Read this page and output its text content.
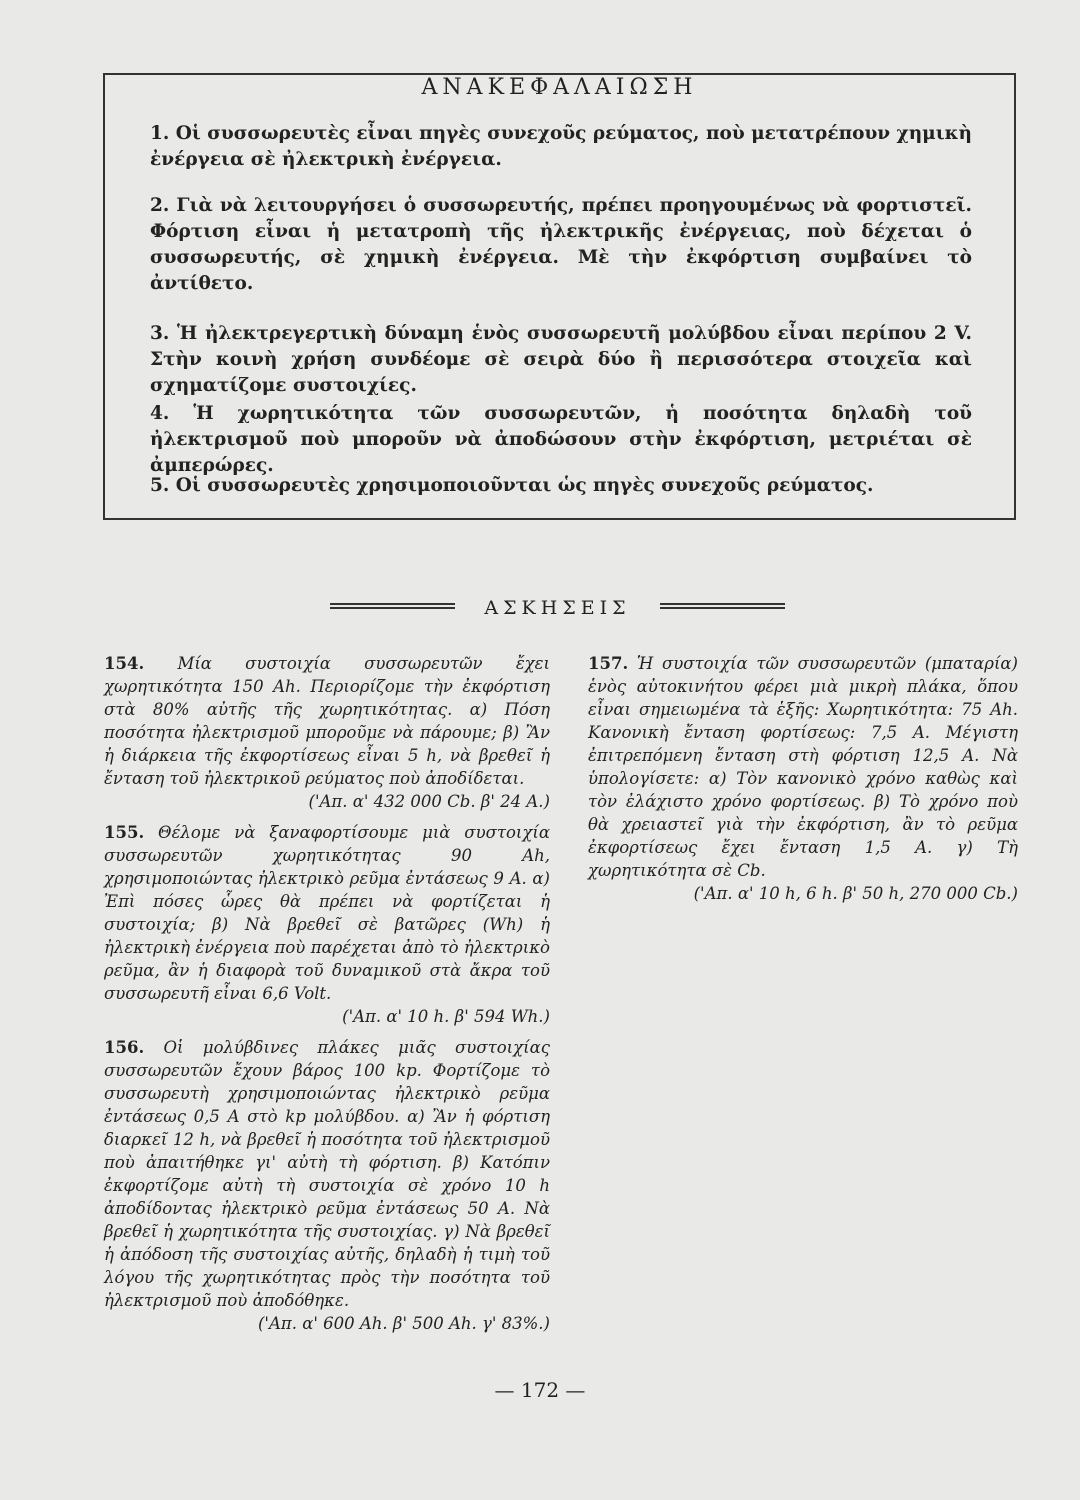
ΑΝΑΚΕΦΑΛΑΙΩΣΗ
1. Οἱ συσσωρευτὲς εἶναι πηγὲς συνεχοῦς ρεύματος, ποὺ μετατρέπουν χημικὴ ἐνέργεια σὲ ἠλεκτρικὴ ἐνέργεια.
2. Γιὰ νὰ λειτουργήσει ὁ συσσωρευτής, πρέπει προηγουμένως νὰ φορτιστεῖ. Φόρτιση εἶναι ἡ μετατροπὴ τῆς ἠλεκτρικῆς ἐνέργειας, ποὺ δέχεται ὁ συσσωρευτής, σὲ χημικὴ ἐνέργεια. Μὲ τὴν ἐκφόρτιση συμβαίνει τὸ ἀντίθετο.
3. Ἡ ἠλεκτρεγερτικὴ δύναμη ἑνὸς συσσωρευτῆ μολύβδου εἶναι περίπου 2 V. Στὴν κοινὴ χρήση συνδέομε σὲ σειρὰ δύο ἢ περισσότερα στοιχεῖα καὶ σχηματίζομε συστοιχίες.
4. Ἡ χωρητικότητα τῶν συσσωρευτῶν, ἡ ποσότητα δηλαδὴ τοῦ ἠλεκτρισμοῦ ποὺ μποροῦν νὰ ἀποδώσουν στὴν ἐκφόρτιση, μετριέται σὲ ἀμπερώρες.
5. Οἱ συσσωρευτὲς χρησιμοποιοῦνται ὡς πηγὲς συνεχοῦς ρεύματος.
ΑΣΚΗΣΕΙΣ

154. Μία συστοιχία συσσωρευτῶν ἔχει χωρητικότητα 150 Ah. Περιορίζομε τὴν ἐκφόρτιση στὰ 80% αὐτῆς τῆς χωρητικότητας. α) Πόση ποσότητα ἠλεκτρισμοῦ μποροῦμε νὰ πάρουμε; β) Ἂν ἡ διάρκεια τῆς ἐκφορτίσεως εἶναι 5 h, νὰ βρεθεῖ ἡ ἔνταση τοῦ ἠλεκτρικοῦ ρεύματος ποὺ ἀποδίδεται.
('Απ. α' 432 000 Cb. β' 24 A.)

155. Θέλομε νὰ ξαναφορτίσουμε μιὰ συστοιχία συσσωρευτῶν χωρητικότητας 90 Ah, χρησιμοποιώντας ἠλεκτρικὸ ρεῦμα ἐντάσεως 9 A. α) Ἐπὶ πόσες ὧρες θὰ πρέπει νὰ φορτίζεται ἡ συστοιχία; β) Νὰ βρεθεῖ σὲ βατῶρες (Wh) ἡ ἠλεκτρικὴ ἐνέργεια ποὺ παρέχεται ἀπὸ τὸ ἠλεκτρικὸ ρεῦμα, ἂν ἡ διαφορὰ τοῦ δυναμικοῦ στὰ ἄκρα τοῦ συσσωρευτῆ εἶναι 6,6 Volt.
('Απ. α' 10 h. β' 594 Wh.)

156. Οἱ μολύβδινες πλάκες μιᾶς συστοιχίας συσσωρευτῶν ἔχουν βάρος 100 kp. Φορτίζομε τὸ συσσωρευτὴ χρησιμοποιώντας ἠλεκτρικὸ ρεῦμα ἐντάσεως 0,5 A στὸ kp μολύβδου. α) Ἂν ἡ φόρτιση διαρκεῖ 12 h, νὰ βρεθεῖ ἡ ποσότητα τοῦ ἠλεκτρισμοῦ ποὺ ἀπαιτήθηκε γι' αὐτὴ τὴ φόρτιση. β) Κατόπιν ἐκφορτίζομε αὐτὴ τὴ συστοιχία σὲ χρόνο 10 h ἀποδίδοντας ἠλεκτρικὸ ρεῦμα ἐντάσεως 50 A. Νὰ βρεθεῖ ἡ χωρητικότητα τῆς συστοιχίας. γ) Νὰ βρεθεῖ ἡ ἀπόδοση τῆς συστοιχίας αὐτῆς, δηλαδὴ ἡ τιμὴ τοῦ λόγου τῆς χωρητικότητας πρὸς τὴν ποσότητα τοῦ ἠλεκτρισμοῦ ποὺ ἀποδόθηκε.
('Απ. α' 600 Ah. β' 500 Ah. γ' 83%.)

157. Ἡ συστοιχία τῶν συσσωρευτῶν (μπαταρία) ἑνὸς αὐτοκινήτου φέρει μιὰ μικρὴ πλάκα, ὅπου εἶναι σημειωμένα τὰ ἑξῆς: Χωρητικότητα: 75 Ah. Κανονικὴ ἔνταση φορτίσεως: 7,5 A. Μέγιστη ἐπιτρεπόμενη ἔνταση στὴ φόρτιση 12,5 A. Νὰ ὑπολογίσετε: α) Τὸν κανονικὸ χρόνο καθὼς καὶ τὸν ἐλάχιστο χρόνο φορτίσεως. β) Τὸ χρόνο ποὺ θὰ χρειαστεῖ γιὰ τὴν ἐκφόρτιση, ἂν τὸ ρεῦμα ἐκφορτίσεως ἔχει ἔνταση 1,5 A. γ) Τὴ χωρητικότητα σὲ Cb.
('Απ. α' 10 h, 6 h. β' 50 h, 270 000 Cb.)

— 172 —
